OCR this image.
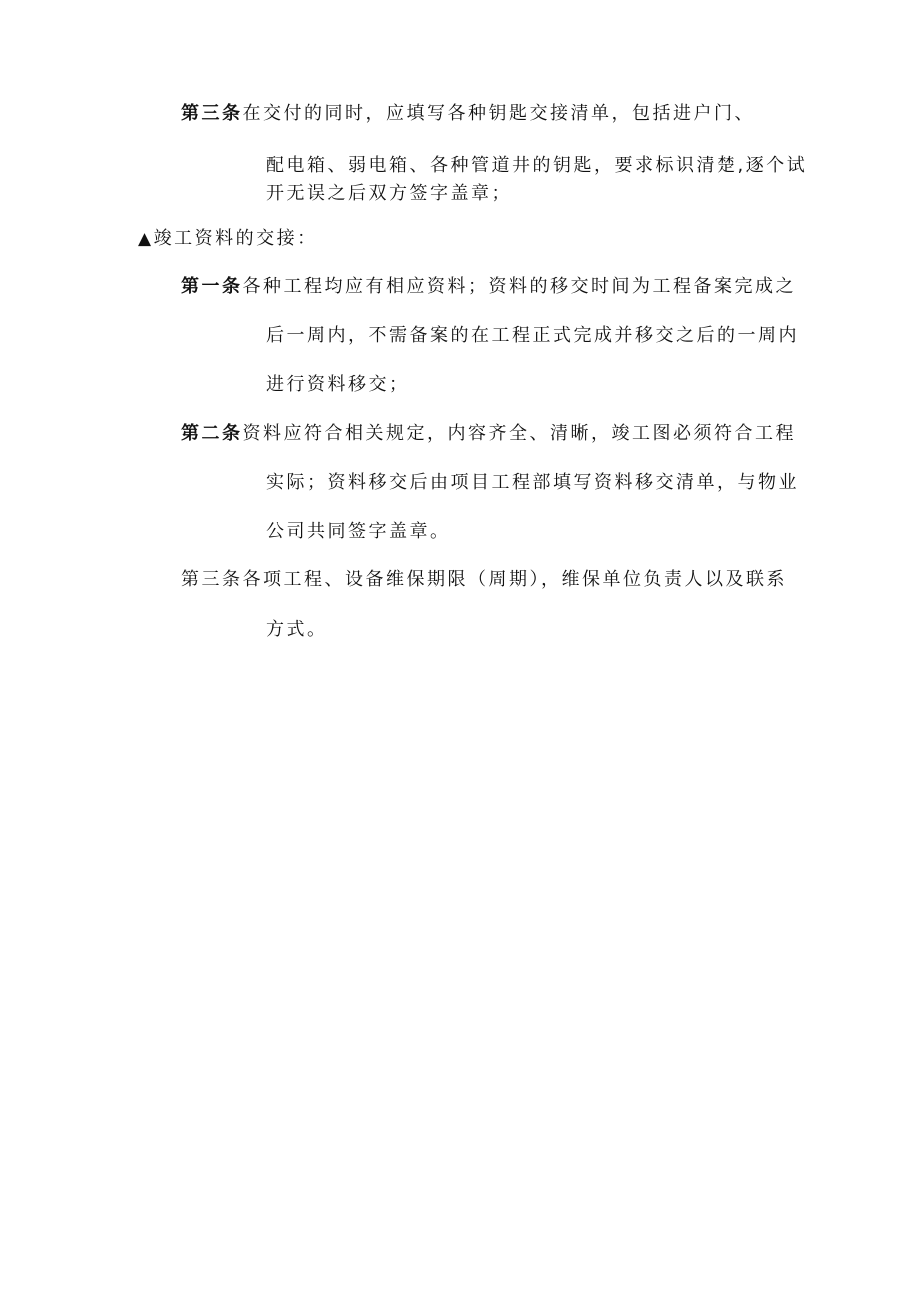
第三条在交付的同时，应填写各种钥匙交接清单，包括进户门、
配电箱、弱电箱、各种管道井的钥匙，要求标识清楚,逐个试
开无误之后双方签字盖章；
▲竣工资料的交接：
第一条各种工程均应有相应资料；资料的移交时间为工程备案完成之
后一周内，不需备案的在工程正式完成并移交之后的一周内
进行资料移交；
第二条资料应符合相关规定，内容齐全、清晰，竣工图必须符合工程
实际；资料移交后由项目工程部填写资料移交清单，与物业
公司共同签字盖章。
第三条各项工程、设备维保期限（周期），维保单位负责人以及联系
方式。
